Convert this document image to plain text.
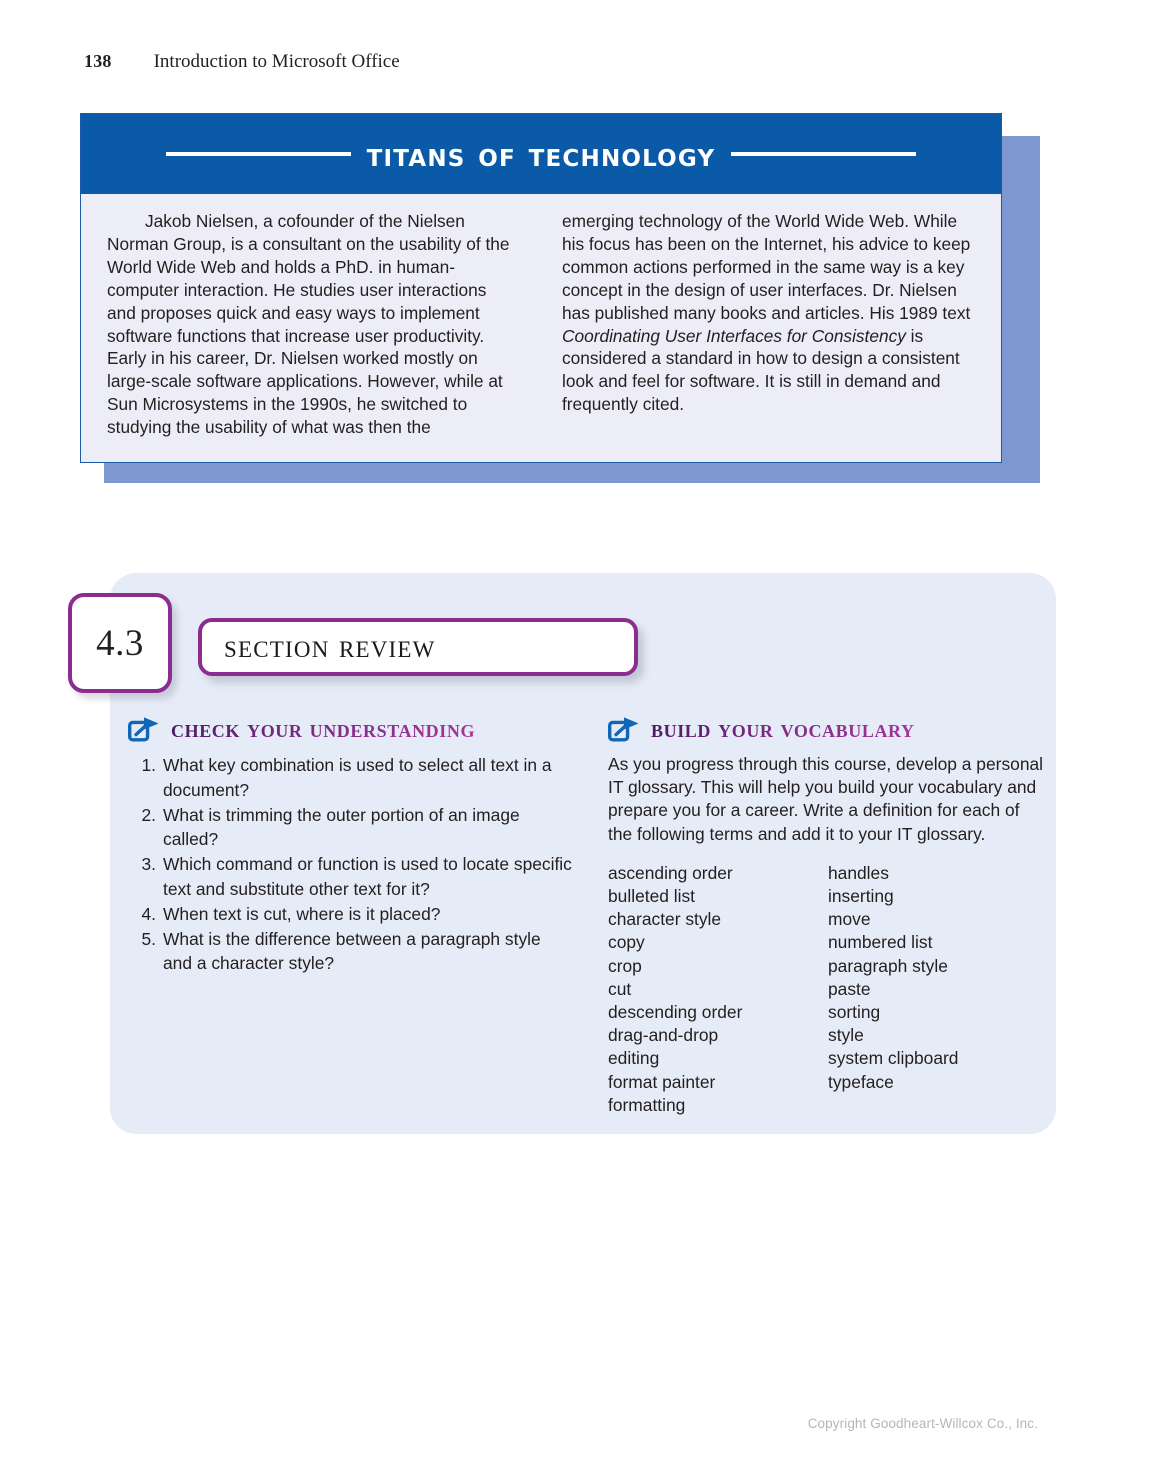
138 Introduction to Microsoft Office
titans of technology

Jakob Nielsen, a cofounder of the Nielsen Norman Group, is a consultant on the usability of the World Wide Web and holds a PhD. in human-computer interaction. He studies user interactions and proposes quick and easy ways to implement software functions that increase user productivity. Early in his career, Dr. Nielsen worked mostly on large-scale software applications. However, while at Sun Microsystems in the 1990s, he switched to studying the usability of what was then the

emerging technology of the World Wide Web. While his focus has been on the Internet, his advice to keep common actions performed in the same way is a key concept in the design of user interfaces. Dr. Nielsen has published many books and articles. His 1989 text Coordinating User Interfaces for Consistency is considered a standard in how to design a consistent look and feel for software. It is still in demand and frequently cited.

4.3	section review
check your understanding
What key combination is used to select all text in a document?
What is trimming the outer portion of an image called?
Which command or function is used to locate specific text and substitute other text for it?
When text is cut, where is it placed?
What is the difference between a paragraph style and a character style?
build your vocabulary

As you progress through this course, develop a personal IT glossary. This will help you build your vocabulary and prepare you for a career. Write a definition for each of the following terms and add it to your IT glossary.

ascending order
bulleted list
character style
copy
crop
cut
descending order
drag-and-drop
editing
format painter
formatting
handles
inserting
move
numbered list
paragraph style
paste
sorting
style
system clipboard
typeface
Copyright Goodheart-Willcox Co., Inc.
